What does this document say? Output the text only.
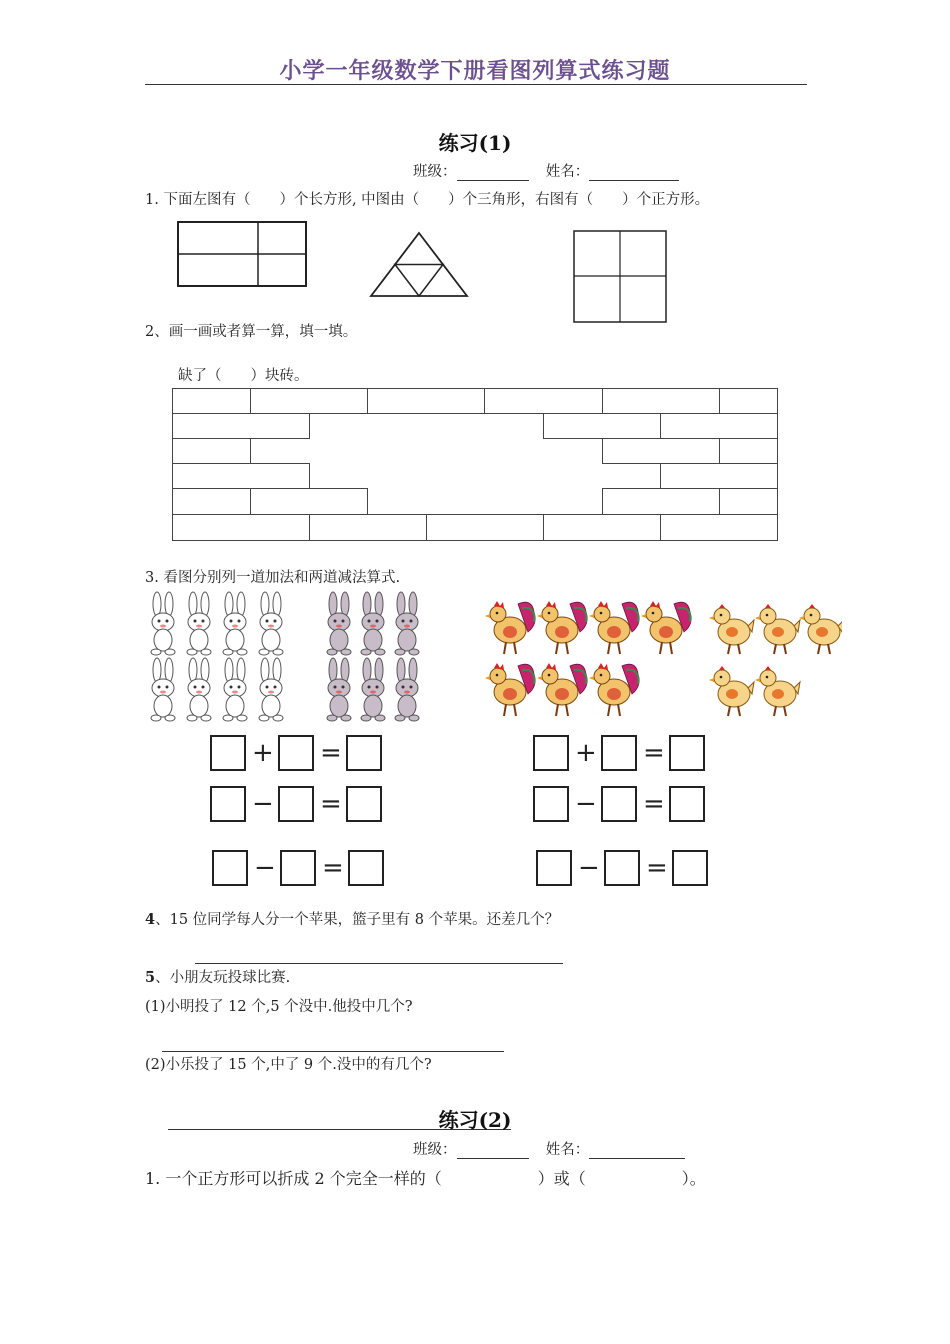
小学一年级数学下册看图列算式练习题
练习(1)
班级：	姓名：
1. 下面左图有（　　）个长方形, 中图由（　　）个三角形，右图有（　　）个正方形。
2、画一画或者算一算，填一填。
缺了（　　）块砖。
3. 看图分别列一道加法和两道减法算式.
+ =
− =
− =
+ =
− =
− =
4、15 位同学每人分一个苹果，篮子里有 8 个苹果。还差几个？
5、小朋友玩投球比赛.
(1)小明投了 12 个,5 个没中.他投中几个?
(2)小乐投了 15 个,中了 9 个.没中的有几个?
练习(2)
班级：	姓名：
1. 一个正方形可以折成 2 个完全一样的（　　　　　　）或（　　　　　　）。
